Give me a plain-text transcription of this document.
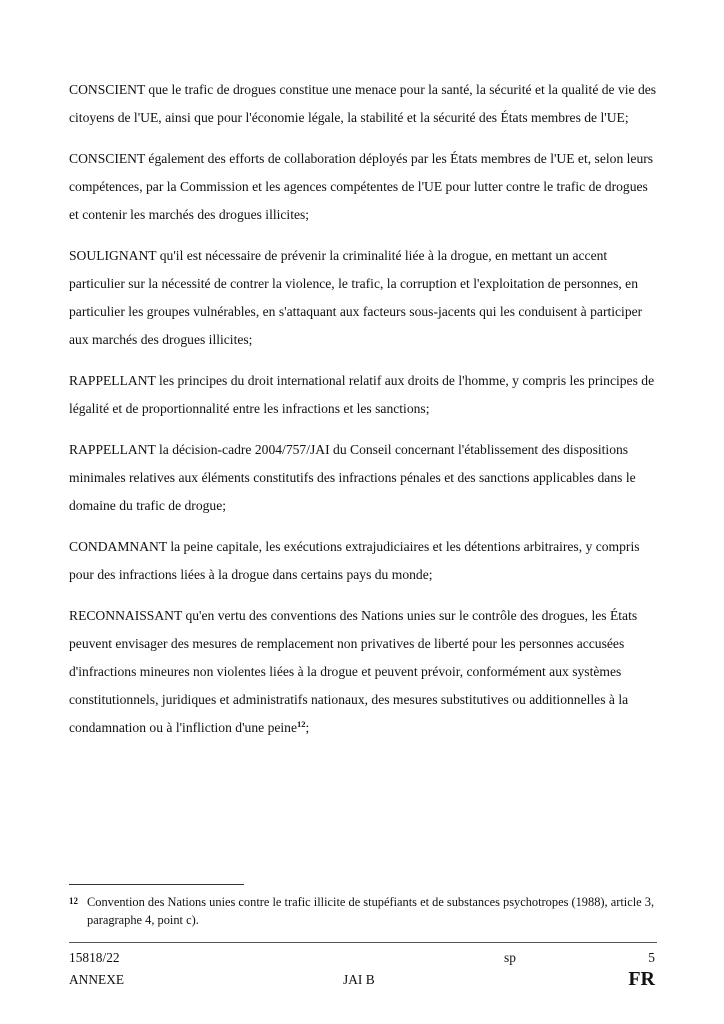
CONSCIENT que le trafic de drogues constitue une menace pour la santé, la sécurité et la qualité de vie des citoyens de l'UE, ainsi que pour l'économie légale, la stabilité et la sécurité des États membres de l'UE;

CONSCIENT également des efforts de collaboration déployés par les États membres de l'UE et, selon leurs compétences, par la Commission et les agences compétentes de l'UE pour lutter contre le trafic de drogues et contenir les marchés des drogues illicites;

SOULIGNANT qu'il est nécessaire de prévenir la criminalité liée à la drogue, en mettant un accent particulier sur la nécessité de contrer la violence, le trafic, la corruption et l'exploitation de personnes, en particulier les groupes vulnérables, en s'attaquant aux facteurs sous-jacents qui les conduisent à participer aux marchés des drogues illicites;

RAPPELLANT les principes du droit international relatif aux droits de l'homme, y compris les principes de légalité et de proportionnalité entre les infractions et les sanctions;

RAPPELLANT la décision-cadre 2004/757/JAI du Conseil concernant l'établissement des dispositions minimales relatives aux éléments constitutifs des infractions pénales et des sanctions applicables dans le domaine du trafic de drogue;

CONDAMNANT la peine capitale, les exécutions extrajudiciaires et les détentions arbitraires, y compris pour des infractions liées à la drogue dans certains pays du monde;

RECONNAISSANT qu'en vertu des conventions des Nations unies sur le contrôle des drogues, les États peuvent envisager des mesures de remplacement non privatives de liberté pour les personnes accusées d'infractions mineures non violentes liées à la drogue et peuvent prévoir, conformément aux systèmes constitutionnels, juridiques et administratifs nationaux, des mesures substitutives ou additionnelles à la condamnation ou à l'infliction d'une peine$^{12}$;

12 Convention des Nations unies contre le trafic illicite de stupéfiants et de substances psychotropes (1988), article 3, paragraphe 4, point c).
15818/22
ANNEXE
sp
JAI B
5
FR
